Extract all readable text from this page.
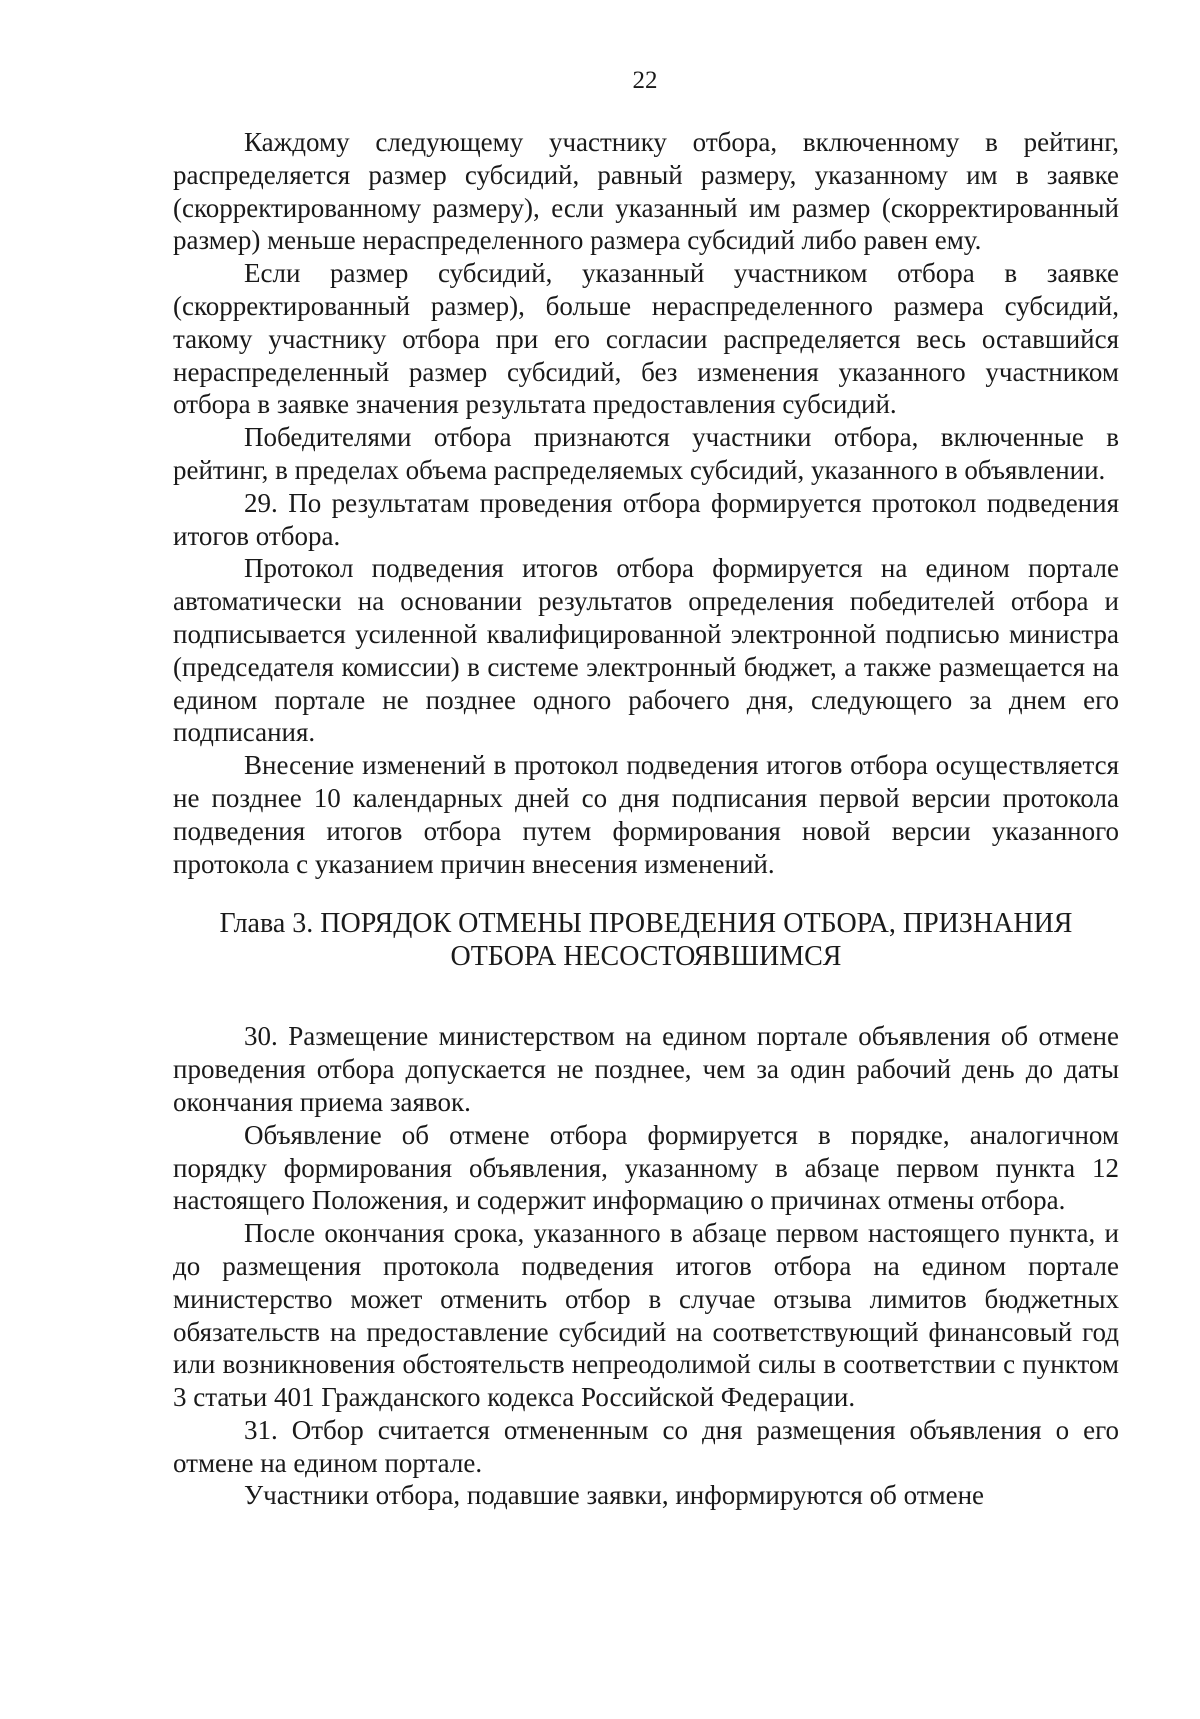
22

Каждому следующему участнику отбора, включенному в рейтинг, распределяется размер субсидий, равный размеру, указанному им в заявке (скорректированному размеру), если указанный им размер (скорректированный размер) меньше нераспределенного размера субсидий либо равен ему.

Если размер субсидий, указанный участником отбора в заявке (скорректированный размер), больше нераспределенного размера субсидий, такому участнику отбора при его согласии распределяется весь оставшийся нераспределенный размер субсидий, без изменения указанного участником отбора в заявке значения результата предоставления субсидий.

Победителями отбора признаются участники отбора, включенные в рейтинг, в пределах объема распределяемых субсидий, указанного в объявлении.

29. По результатам проведения отбора формируется протокол подведения итогов отбора.

Протокол подведения итогов отбора формируется на едином портале автоматически на основании результатов определения победителей отбора и подписывается усиленной квалифицированной электронной подписью министра (председателя комиссии) в системе электронный бюджет, а также размещается на едином портале не позднее одного рабочего дня, следующего за днем его подписания.

Внесение изменений в протокол подведения итогов отбора осуществляется не позднее 10 календарных дней со дня подписания первой версии протокола подведения итогов отбора путем формирования новой версии указанного протокола с указанием причин внесения изменений.

Глава 3. ПОРЯДОК ОТМЕНЫ ПРОВЕДЕНИЯ ОТБОРА, ПРИЗНАНИЯ
ОТБОРА НЕСОСТОЯВШИМСЯ

30. Размещение министерством на едином портале объявления об отмене проведения отбора допускается не позднее, чем за один рабочий день до даты окончания приема заявок.

Объявление об отмене отбора формируется в порядке, аналогичном порядку формирования объявления, указанному в абзаце первом пункта 12 настоящего Положения, и содержит информацию о причинах отмены отбора.

После окончания срока, указанного в абзаце первом настоящего пункта, и до размещения протокола подведения итогов отбора на едином портале министерство может отменить отбор в случае отзыва лимитов бюджетных обязательств на предоставление субсидий на соответствующий финансовый год или возникновения обстоятельств непреодолимой силы в соответствии с пунктом 3 статьи 401 Гражданского кодекса Российской Федерации.

31. Отбор считается отмененным со дня размещения объявления о его отмене на едином портале.

Участники отбора, подавшие заявки, информируются об отмене
